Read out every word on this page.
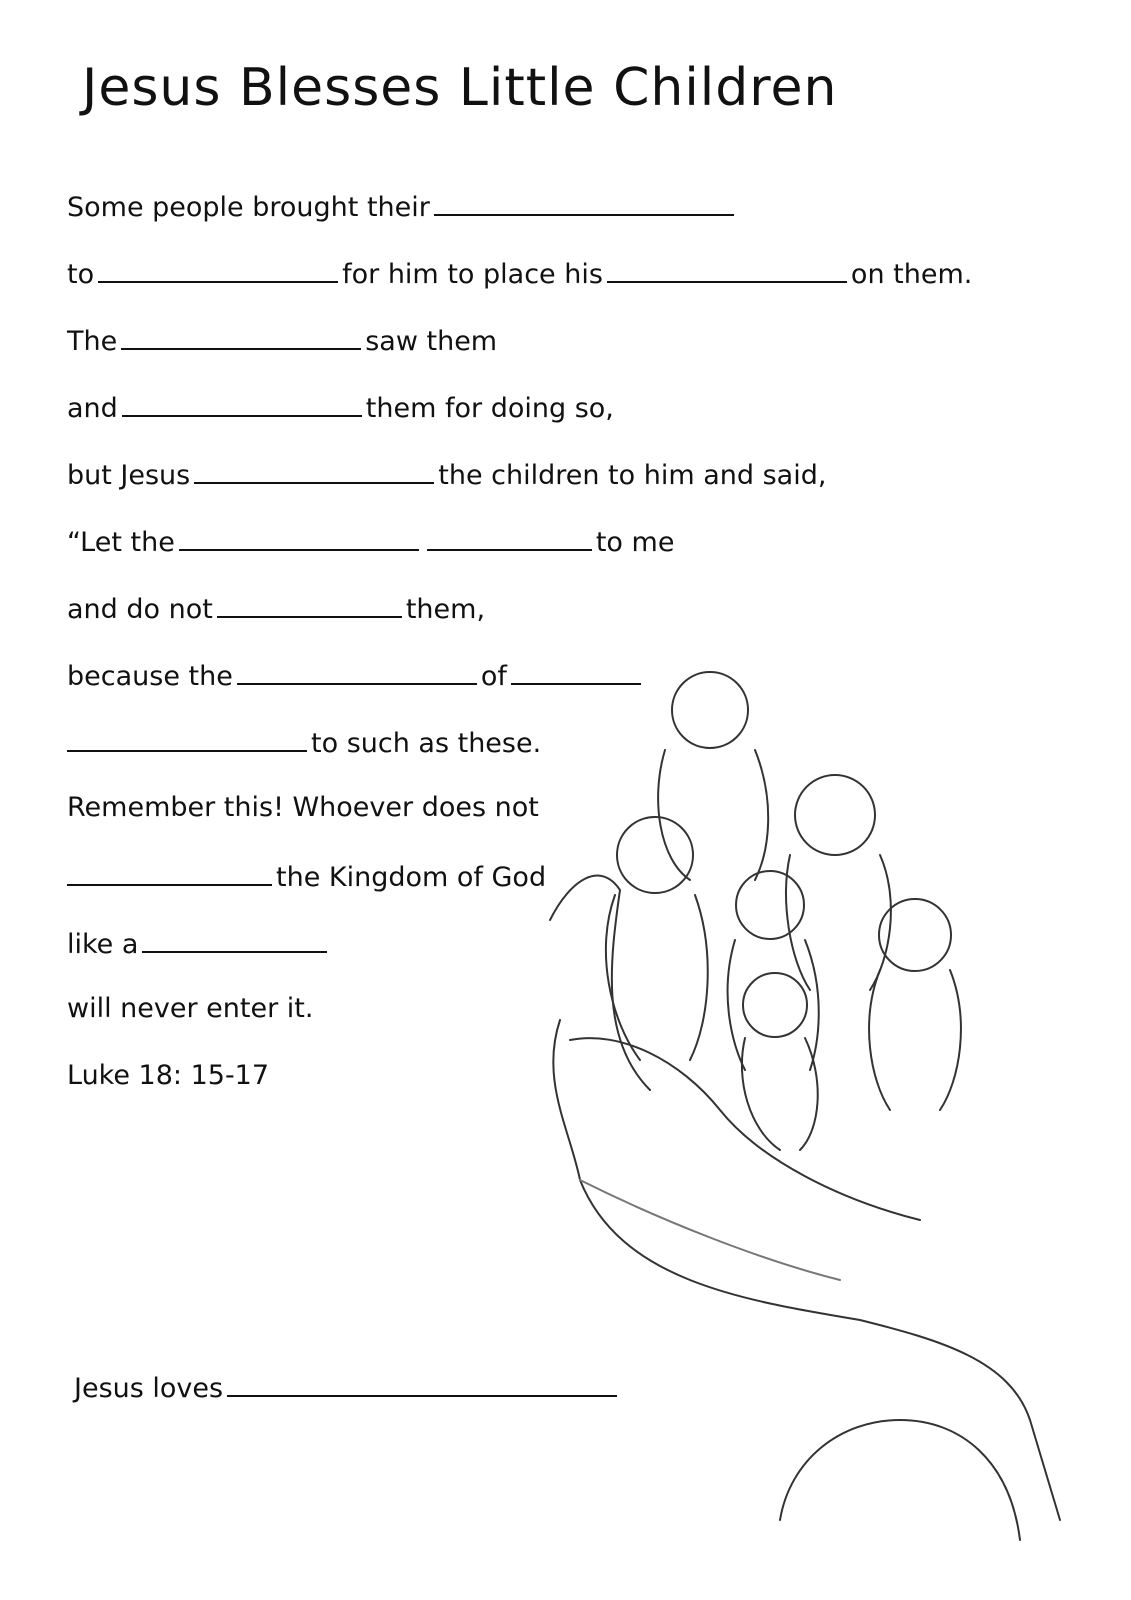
Jesus Blesses Little Children
Some people brought their
to	for him to place his	on them.
The	saw them
and	them for doing so,
but Jesus	the children to him and said,
“Let the	to me
and do not	them,
because the	of
to such as these.
Remember this! Whoever does not
the Kingdom of God
like a
will never enter it.
Luke 18: 15-17
Jesus loves
